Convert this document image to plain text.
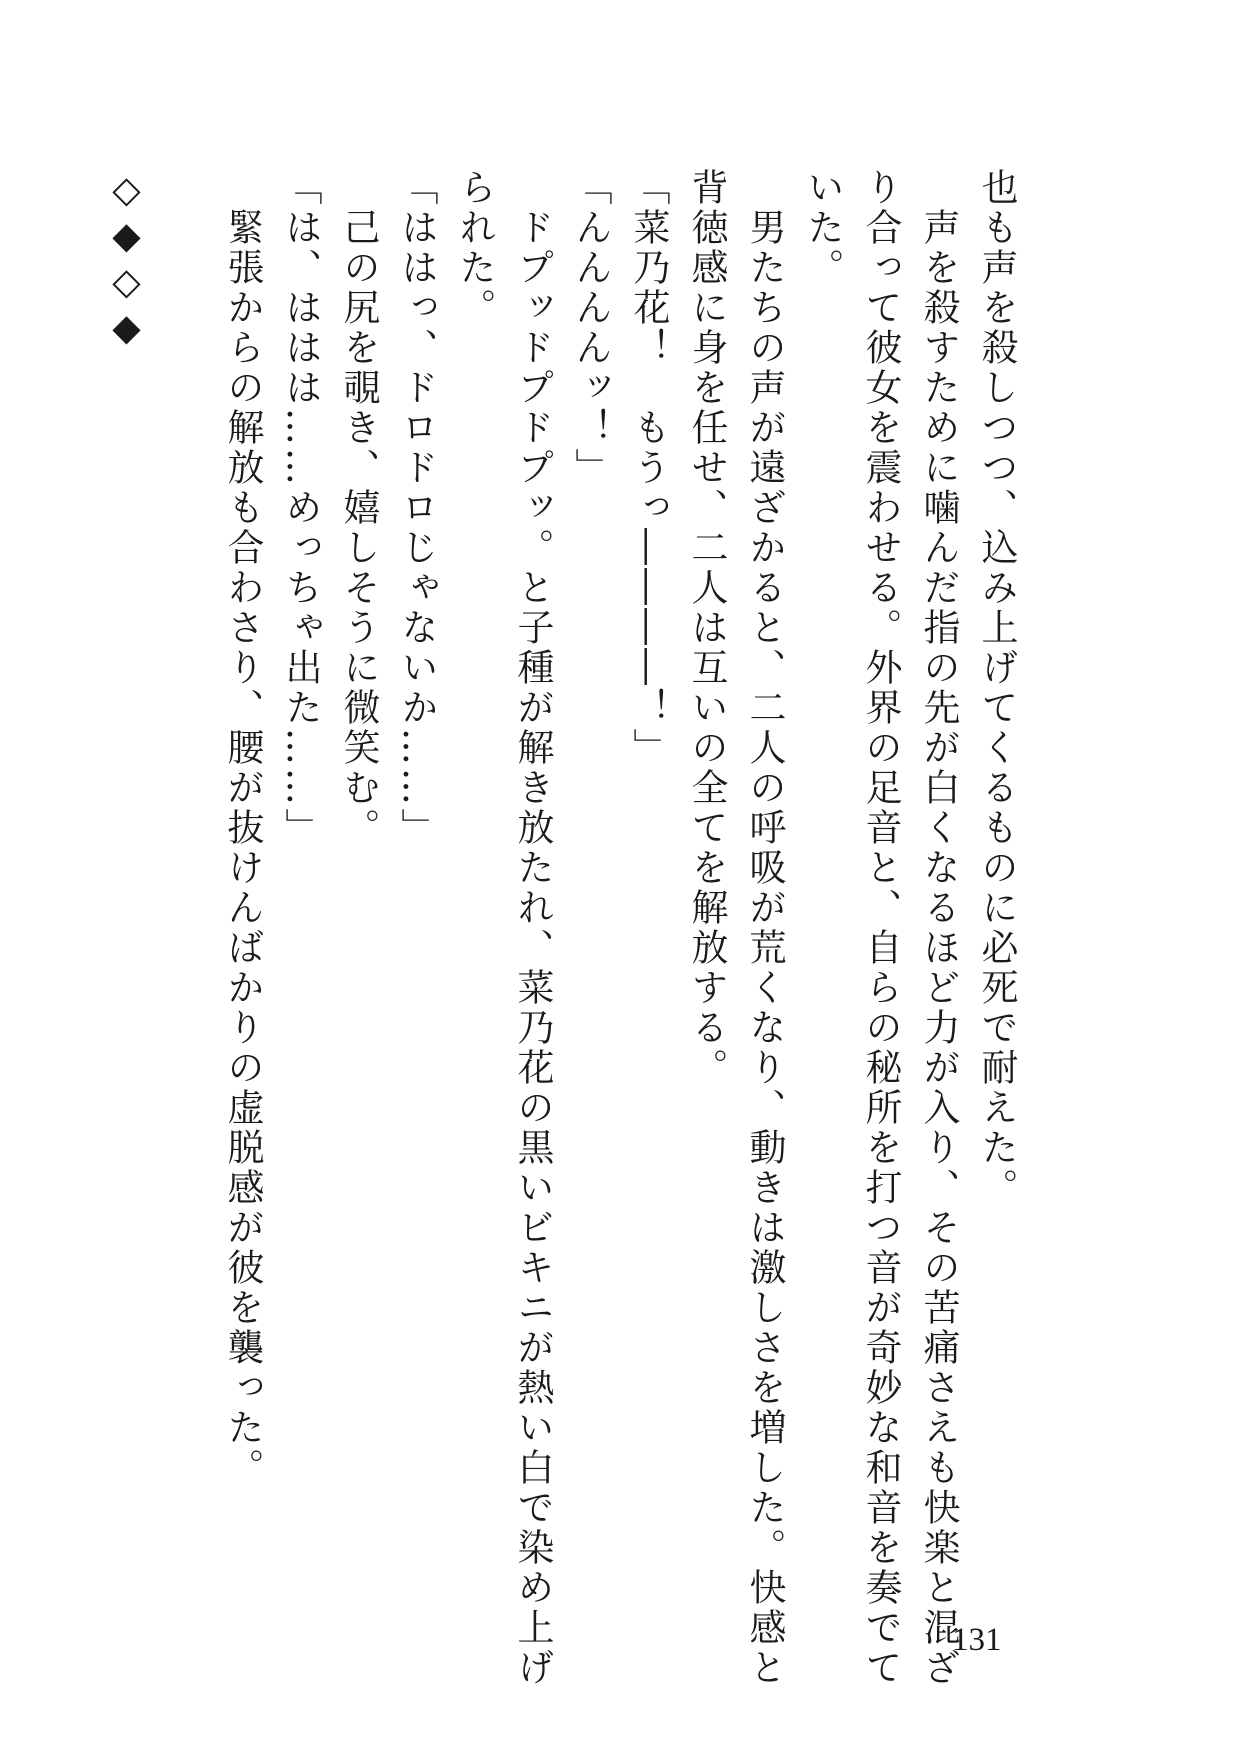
也も声を殺しつつ、込み上げてくるものに必死で耐えた。
　声を殺すために噛んだ指の先が白くなるほど力が入り、その苦痛さえも快楽と混ざ
り合って彼女を震わせる。外界の足音と、自らの秘所を打つ音が奇妙な和音を奏でて
いた。
　男たちの声が遠ざかると、二人の呼吸が荒くなり、動きは激しさを増した。快感と
背徳感に身を任せ、二人は互いの全てを解放する。
「菜乃花！　もうっ――――！」
「んんんんッ！」
　ドプッドプドプッ。と子種が解き放たれ、菜乃花の黒いビキニが熱い白で染め上げ
られた。
「ははっ、ドロドロじゃないか……」
　己の尻を覗き、嬉しそうに微笑む。
「は、ははは……めっちゃ出た……」
　緊張からの解放も合わさり、腰が抜けんばかりの虚脱感が彼を襲った。

◇◆◇◆
131
